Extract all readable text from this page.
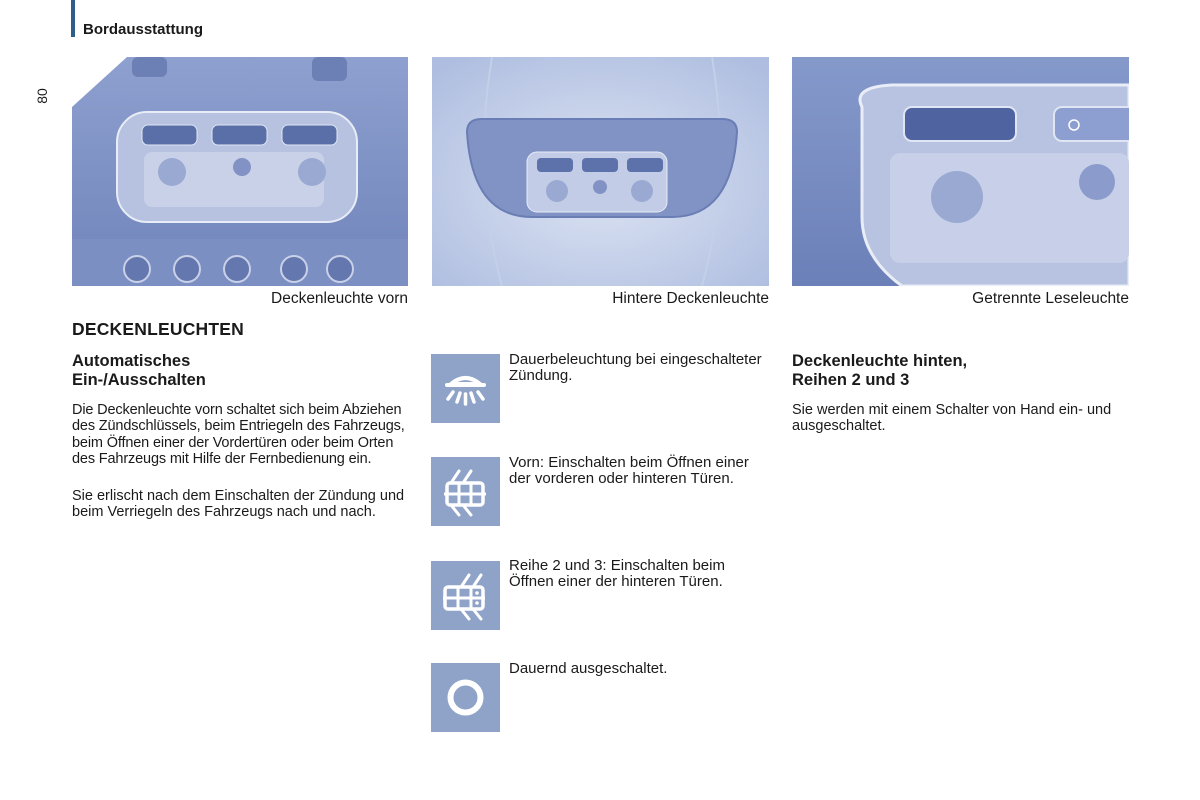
Bordausstattung
80
Deckenleuchte vorn	Hintere Deckenleuchte	Getrennte Leseleuchte
DECKENLEUCHTEN
Automatisches
Ein-/Ausschalten
Die Deckenleuchte vorn schaltet sich beim Abziehen des Zündschlüssels, beim Entriegeln des Fahrzeugs, beim Öffnen einer der Vordertüren oder beim Orten des Fahrzeugs mit Hilfe der Fernbedienung ein.
Sie erlischt nach dem Einschalten der Zündung und beim Verriegeln des Fahrzeugs nach und nach.
Dauerbeleuchtung bei eingeschalteter Zündung.
Vorn: Einschalten beim Öffnen einer der vorderen oder hinteren Türen.
Reihe 2 und 3: Einschalten beim Öffnen einer der hinteren Türen.
Dauernd ausgeschaltet.
Deckenleuchte hinten,
Reihen 2 und 3
Sie werden mit einem Schalter von Hand ein- und ausgeschaltet.
